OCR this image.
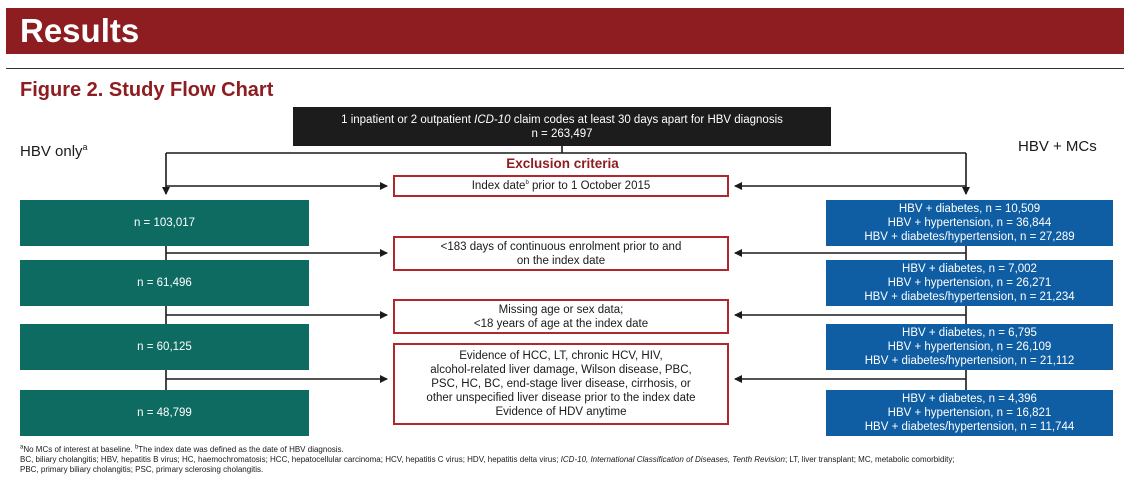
Results
Figure 2. Study Flow Chart
1 inpatient or 2 outpatient ICD-10 claim codes at least 30 days apart for HBV diagnosis
n = 263,497
HBV only$^a$	HBV + MCs
Exclusion criteria
Index date$^b$ prior to 1 October 2015
<183 days of continuous enrolment prior to and
on the index date
Missing age or sex data;
<18 years of age at the index date
Evidence of HCC, LT, chronic HCV, HIV,
alcohol-related liver damage, Wilson disease, PBC,
PSC, HC, BC, end-stage liver disease, cirrhosis, or
other unspecified liver disease prior to the index date
Evidence of HDV anytime
n = 103,017
n = 61,496
n = 60,125
n = 48,799
HBV + diabetes, n = 10,509
HBV + hypertension, n = 36,844
HBV + diabetes/hypertension, n = 27,289
HBV + diabetes, n = 7,002
HBV + hypertension, n = 26,271
HBV + diabetes/hypertension, n = 21,234
HBV + diabetes, n = 6,795
HBV + hypertension, n = 26,109
HBV + diabetes/hypertension, n = 21,112
HBV + diabetes, n = 4,396
HBV + hypertension, n = 16,821
HBV + diabetes/hypertension, n = 11,744
$^a$No MCs of interest at baseline. $^b$The index date was defined as the date of HBV diagnosis.
BC, biliary cholangitis; HBV, hepatitis B virus; HC, haemochromatosis; HCC, hepatocellular carcinoma; HCV, hepatitis C virus; HDV, hepatitis delta virus; ICD-10, International Classification of Diseases, Tenth Revision; LT, liver transplant; MC, metabolic comorbidity;
PBC, primary biliary cholangitis; PSC, primary sclerosing cholangitis.
